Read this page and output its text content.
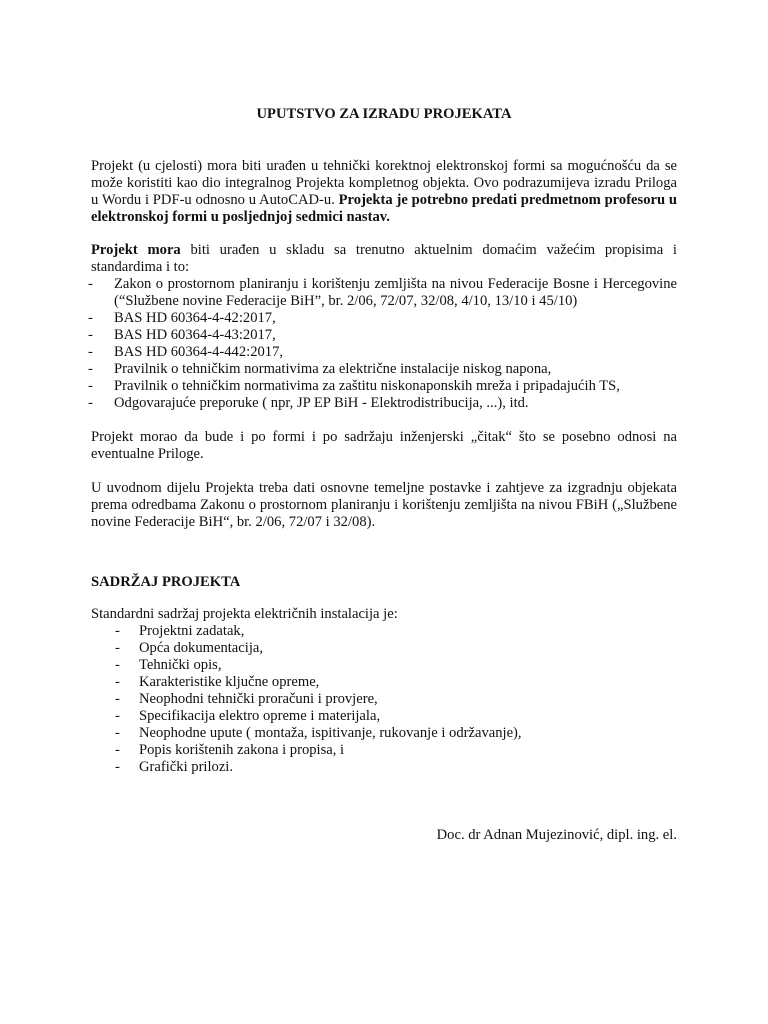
UPUTSTVO ZA IZRADU PROJEKATA

Projekt (u cjelosti) mora biti urađen u tehnički korektnoj elektronskoj formi sa mogućnošću da se može koristiti kao dio integralnog Projekta kompletnog objekta. Ovo podrazumijeva izradu Priloga u Wordu i PDF-u odnosno u AutoCAD-u. Projekta je potrebno predati predmetnom profesoru u elektronskoj formi u posljednjoj sedmici nastav.

Projekt mora biti urađen u skladu sa trenutno aktuelnim domaćim važećim propisima i standardima i to:

- Zakon o prostornom planiranju i korištenju zemljišta na nivou Federacije Bosne i Hercegovine (“Službene novine Federacije BiH”, br. 2/06, 72/07, 32/08, 4/10, 13/10 i 45/10)
- BAS HD 60364-4-42:2017,
- BAS HD 60364-4-43:2017,
- BAS HD 60364-4-442:2017,
- Pravilnik o tehničkim normativima za električne instalacije niskog napona,
- Pravilnik o tehničkim normativima za zaštitu niskonaponskih mreža i pripadajućih TS,
- Odgovarajuće preporuke ( npr, JP EP BiH - Elektrodistribucija, ...), itd.

Projekt morao da bude i po formi i po sadržaju inženjerski „čitak“ što se posebno odnosi na eventualne Priloge.

U uvodnom dijelu Projekta treba dati osnovne temeljne postavke i zahtjeve za izgradnju objekata prema odredbama Zakonu o prostornom planiranju i korištenju zemljišta na nivou FBiH („Službene novine Federacije BiH“, br. 2/06, 72/07 i 32/08).

SADRŽAJ PROJEKTA

Standardni sadržaj projekta električnih instalacija je:

- Projektni zadatak,
- Opća dokumentacija,
- Tehnički opis,
- Karakteristike ključne opreme,
- Neophodni tehnički proračuni i provjere,
- Specifikacija elektro opreme i materijala,
- Neophodne upute ( montaža, ispitivanje, rukovanje i održavanje),
- Popis korištenih zakona i propisa, i
- Grafički prilozi.
Doc. dr Adnan Mujezinović, dipl. ing. el.
